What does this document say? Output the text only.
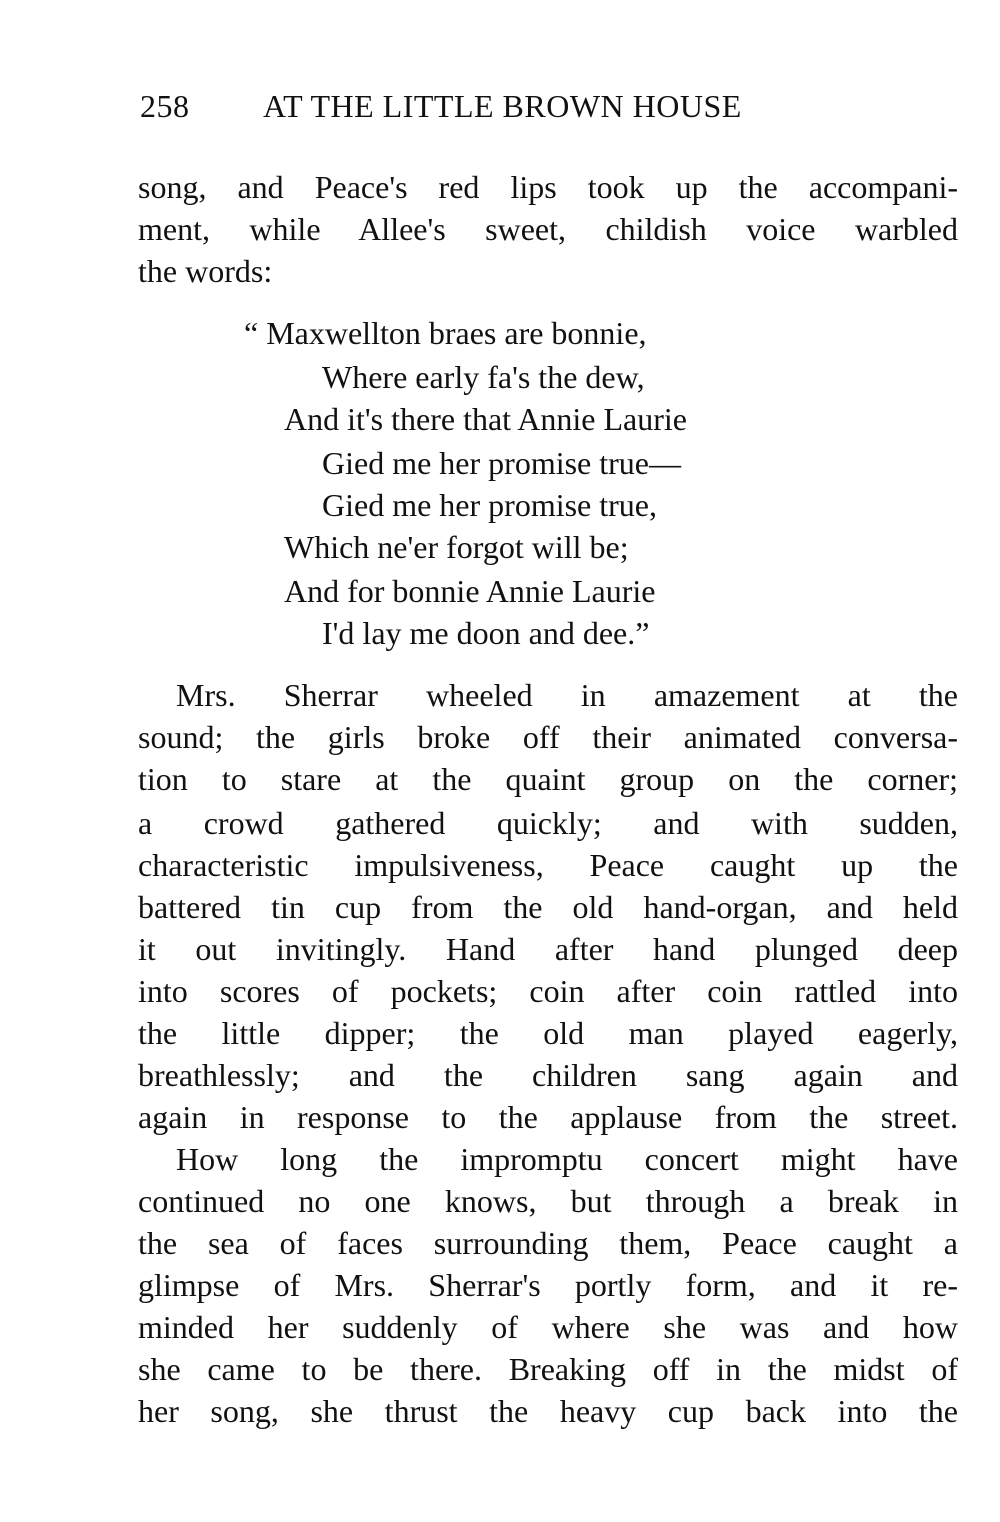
258 AT THE LITTLE BROWN HOUSE
song, and Peace's red lips took up the accompani-
ment, while Allee's sweet, childish voice warbled
the words:
“ Maxwellton braes are bonnie,
Where early fa's the dew,
And it's there that Annie Laurie
Gied me her promise true—
Gied me her promise true,
Which ne'er forgot will be;
And for bonnie Annie Laurie
I'd lay me doon and dee.”
Mrs. Sherrar wheeled in amazement at the
sound; the girls broke off their animated conversa-
tion to stare at the quaint group on the corner;
a crowd gathered quickly; and with sudden,
characteristic impulsiveness, Peace caught up the
battered tin cup from the old hand-organ, and held
it out invitingly. Hand after hand plunged deep
into scores of pockets; coin after coin rattled into
the little dipper; the old man played eagerly,
breathlessly; and the children sang again and
again in response to the applause from the street.
How long the impromptu concert might have
continued no one knows, but through a break in
the sea of faces surrounding them, Peace caught a
glimpse of Mrs. Sherrar's portly form, and it re-
minded her suddenly of where she was and how
she came to be there. Breaking off in the midst of
her song, she thrust the heavy cup back into the
